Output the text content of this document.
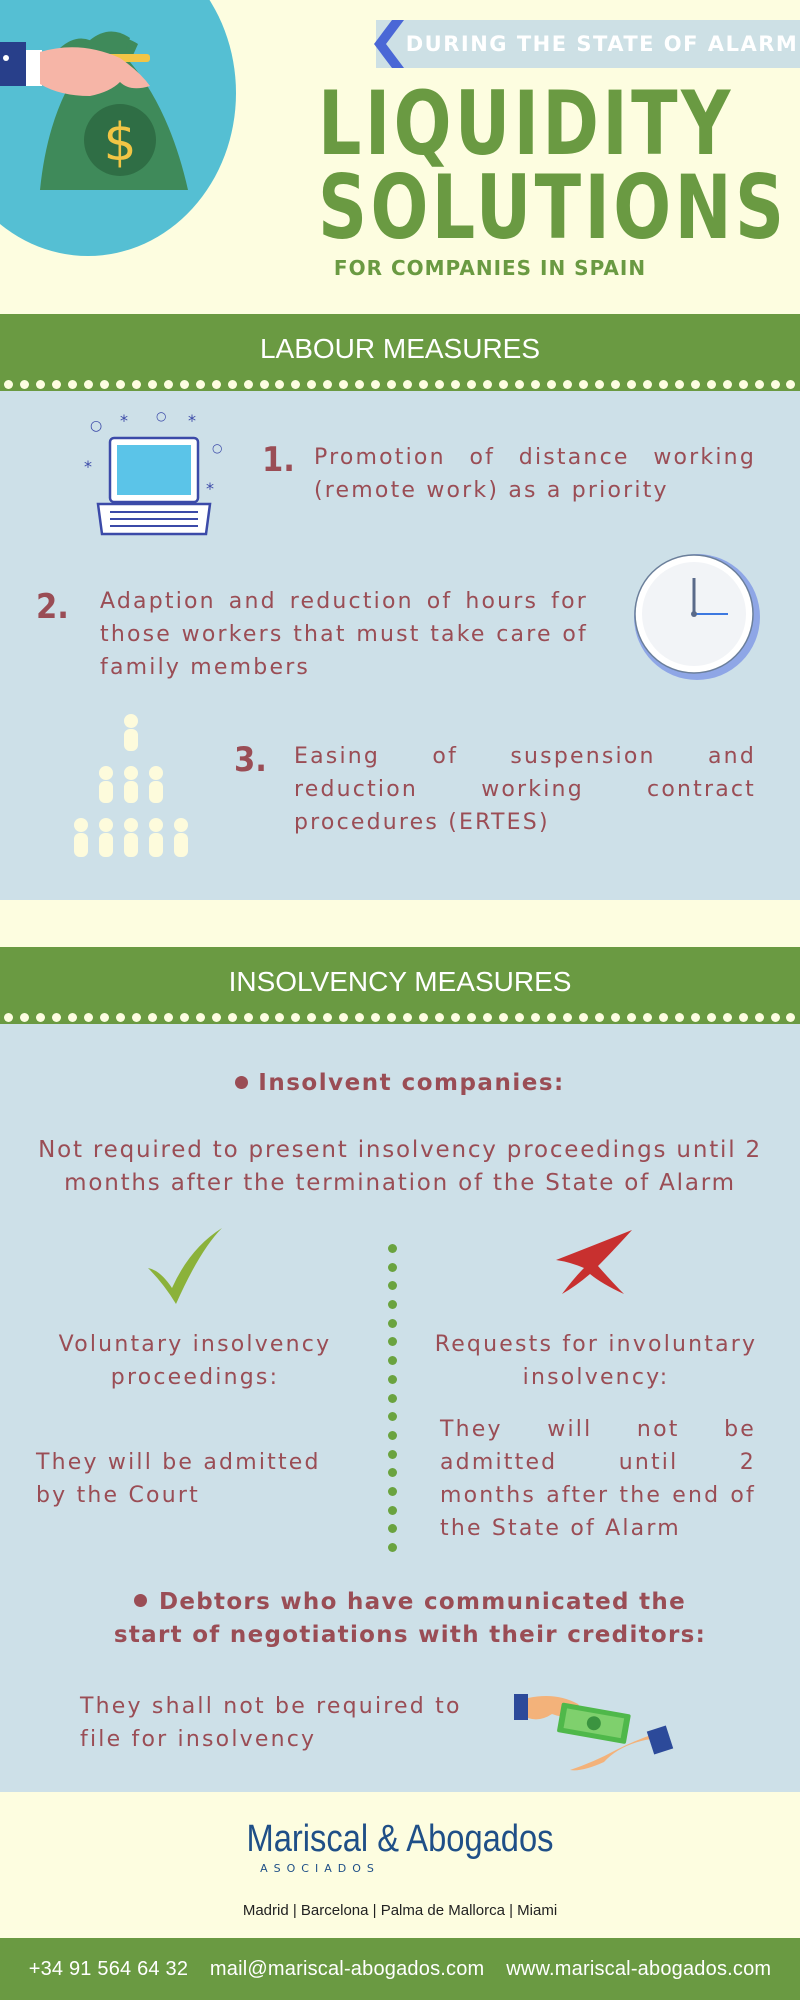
$
DURING THE STATE OF ALARM
LIQUIDITY
SOLUTIONS
FOR COMPANIES IN SPAIN
LABOUR MEASURES
○ * ○ *
○
*
*
1. Promotion of distance working (remote work) as a priority
2. Adaption and reduction of hours for those workers that must take care of family members
3. Easing of suspension and reduction working contract procedures (ERTES)
INSOLVENCY MEASURES
Insolvent companies:
Not required to present insolvency proceedings until 2 months after the termination of the State of Alarm
Voluntary insolvency proceedings:
They will be admitted by the Court
Requests for involuntary insolvency:
They will not be admitted until 2 months after the end of the State of Alarm
Debtors who have communicated the start of negotiations with their creditors:
They shall not be required to file for insolvency
Mariscal & Abogados
ASOCIADOS
Madrid | Barcelona | Palma de Mallorca | Miami
+34 91 564 64 32 mail@mariscal-abogados.com www.mariscal-abogados.com
